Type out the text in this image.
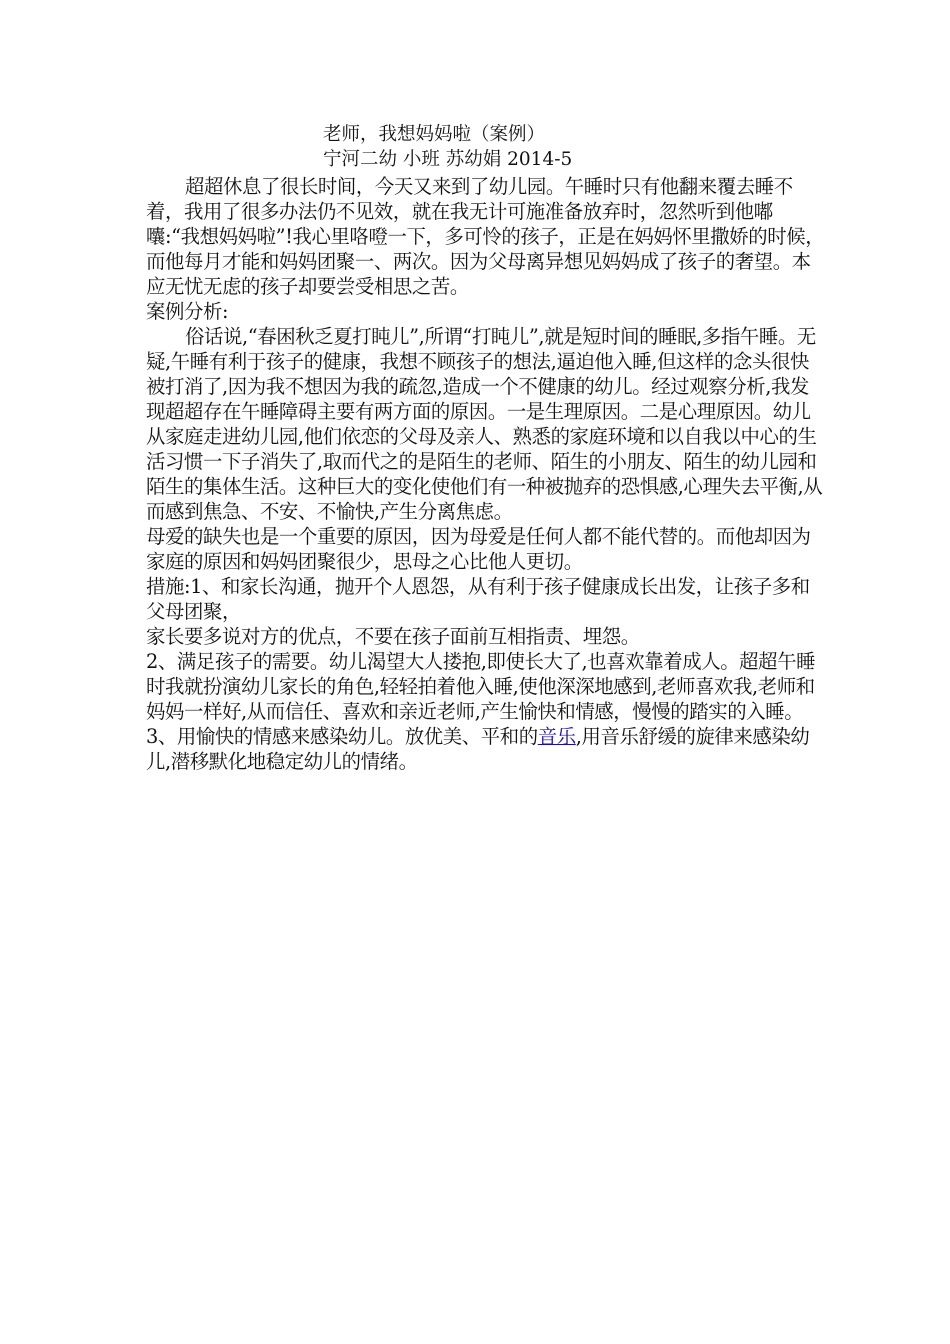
老师，我想妈妈啦（案例）
宁河二幼 小班 苏幼娟 2014-5

超超休息了很长时间，今天又来到了幼儿园。午睡时只有他翻来覆去睡不着，我用了很多办法仍不见效，就在我无计可施准备放弃时，忽然听到他嘟囔:“我想妈妈啦”!我心里咯噔一下，多可怜的孩子，正是在妈妈怀里撒娇的时候，而他每月才能和妈妈团聚一、两次。因为父母离异想见妈妈成了孩子的奢望。本应无忧无虑的孩子却要尝受相思之苦。

案例分析:

俗话说,“春困秋乏夏打盹儿”,所谓“打盹儿”,就是短时间的睡眠,多指午睡。无疑,午睡有利于孩子的健康，我想不顾孩子的想法,逼迫他入睡,但这样的念头很快被打消了,因为我不想因为我的疏忽,造成一个不健康的幼儿。经过观察分析,我发现超超存在午睡障碍主要有两方面的原因。一是生理原因。二是心理原因。幼儿从家庭走进幼儿园,他们依恋的父母及亲人、熟悉的家庭环境和以自我以中心的生活习惯一下子消失了,取而代之的是陌生的老师、陌生的小朋友、陌生的幼儿园和陌生的集体生活。这种巨大的变化使他们有一种被抛弃的恐惧感,心理失去平衡,从而感到焦急、不安、不愉快,产生分离焦虑。

母爱的缺失也是一个重要的原因，因为母爱是任何人都不能代替的。而他却因为家庭的原因和妈妈团聚很少，思母之心比他人更切。

措施:1、和家长沟通，抛开个人恩怨，从有利于孩子健康成长出发，让孩子多和父母团聚，

家长要多说对方的优点，不要在孩子面前互相指责、埋怨。

2、满足孩子的需要。幼儿渴望大人搂抱,即使长大了,也喜欢靠着成人。超超午睡时我就扮演幼儿家长的角色,轻轻拍着他入睡,使他深深地感到,老师喜欢我,老师和妈妈一样好,从而信任、喜欢和亲近老师,产生愉快和情感，慢慢的踏实的入睡。

3、用愉快的情感来感染幼儿。放优美、平和的音乐,用音乐舒缓的旋律来感染幼儿,潜移默化地稳定幼儿的情绪。
